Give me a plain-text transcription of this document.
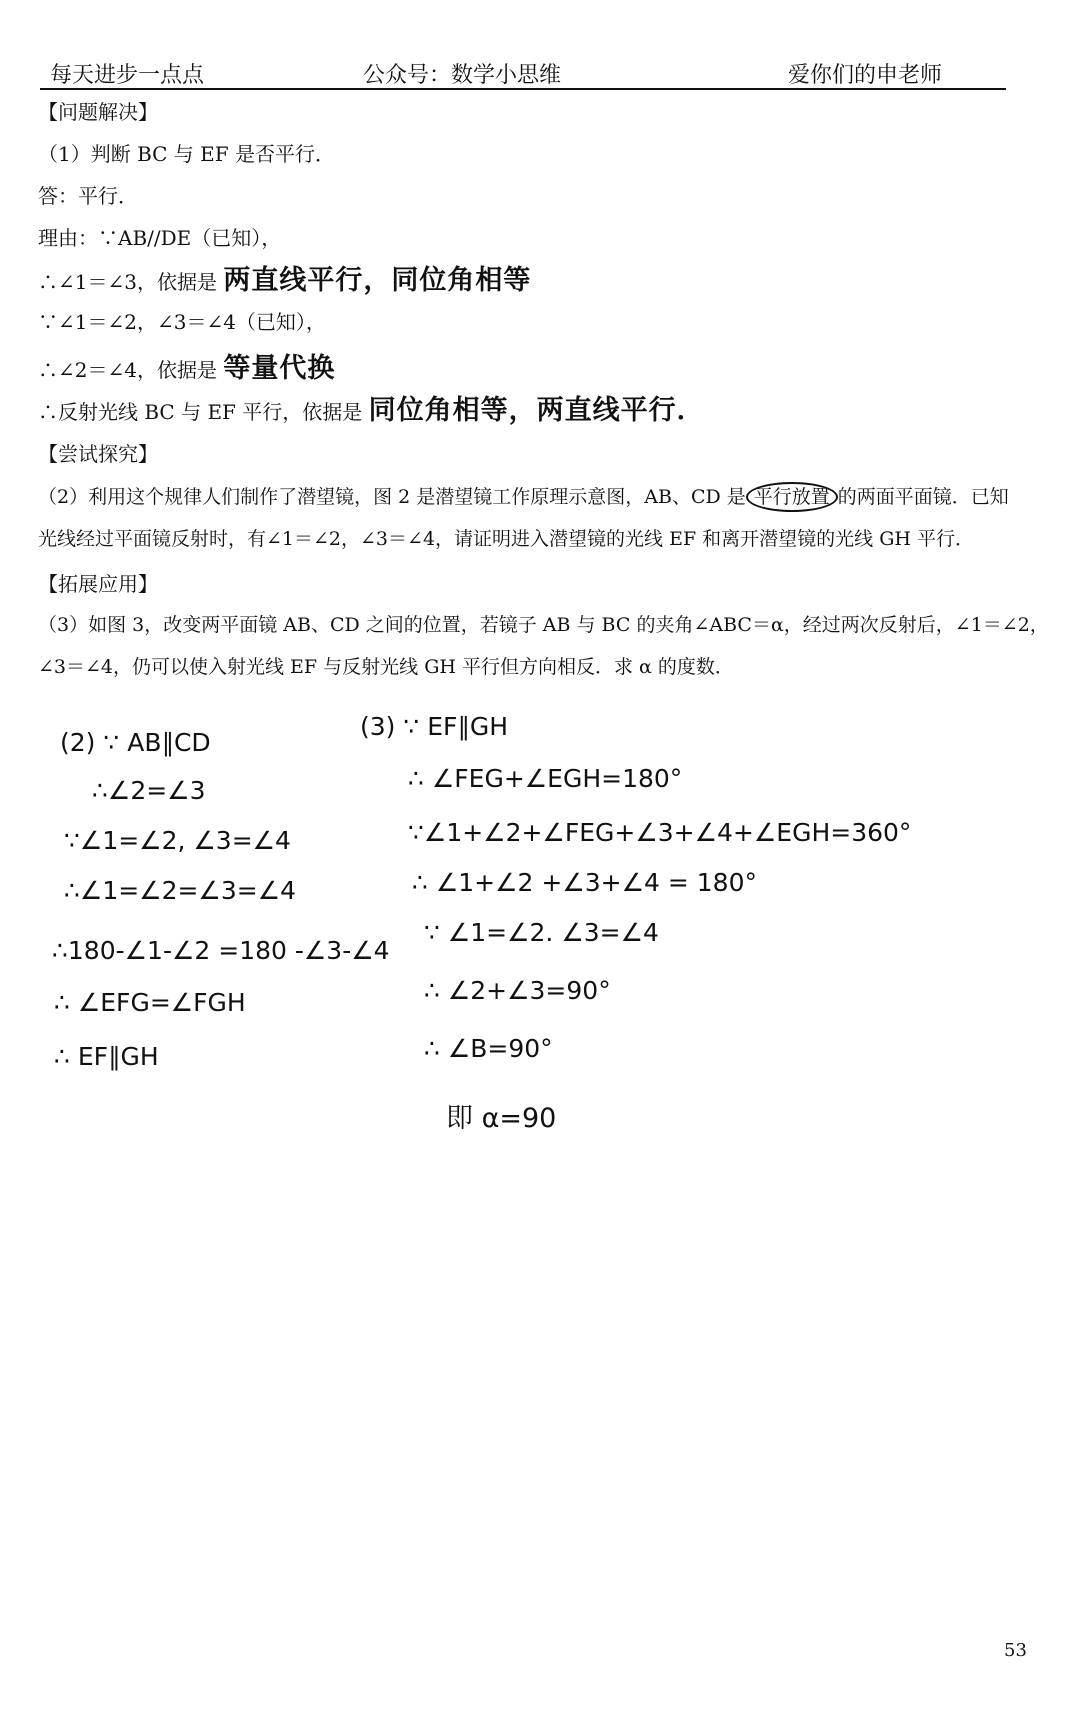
每天进步一点点	公众号：数学小思维	爱你们的申老师
【问题解决】
（1）判断 BC 与 EF 是否平行．
答：平行．
理由：∵AB//DE（已知），
∴∠1＝∠3，依据是 两直线平行，同位角相等
∵∠1＝∠2，∠3＝∠4（已知），
∴∠2＝∠4，依据是 等量代换
∴反射光线 BC 与 EF 平行，依据是 同位角相等，两直线平行．
【尝试探究】
（2）利用这个规律人们制作了潜望镜，图 2 是潜望镜工作原理示意图，AB、CD 是 平行放置 的两面平面镜．已知
光线经过平面镜反射时，有∠1＝∠2，∠3＝∠4，请证明进入潜望镜的光线 EF 和离开潜望镜的光线 GH 平行．
【拓展应用】
（3）如图 3，改变两平面镜 AB、CD 之间的位置，若镜子 AB 与 BC 的夹角∠ABC＝α，经过两次反射后，∠1＝∠2，
∠3＝∠4，仍可以使入射光线 EF 与反射光线 GH 平行但方向相反．求 α 的度数．
(2) ∵ AB∥CD
∴∠2=∠3
∵∠1=∠2, ∠3=∠4
∴∠1=∠2=∠3=∠4
∴180-∠1-∠2 =180 -∠3-∠4
∴ ∠EFG=∠FGH
∴ EF∥GH
(3) ∵ EF∥GH
∴ ∠FEG+∠EGH=180°
∵∠1+∠2+∠FEG+∠3+∠4+∠EGH=360°
∴ ∠1+∠2 +∠3+∠4 = 180°
∵ ∠1=∠2. ∠3=∠4
∴ ∠2+∠3=90°
∴ ∠B=90°
即 α=90
53
